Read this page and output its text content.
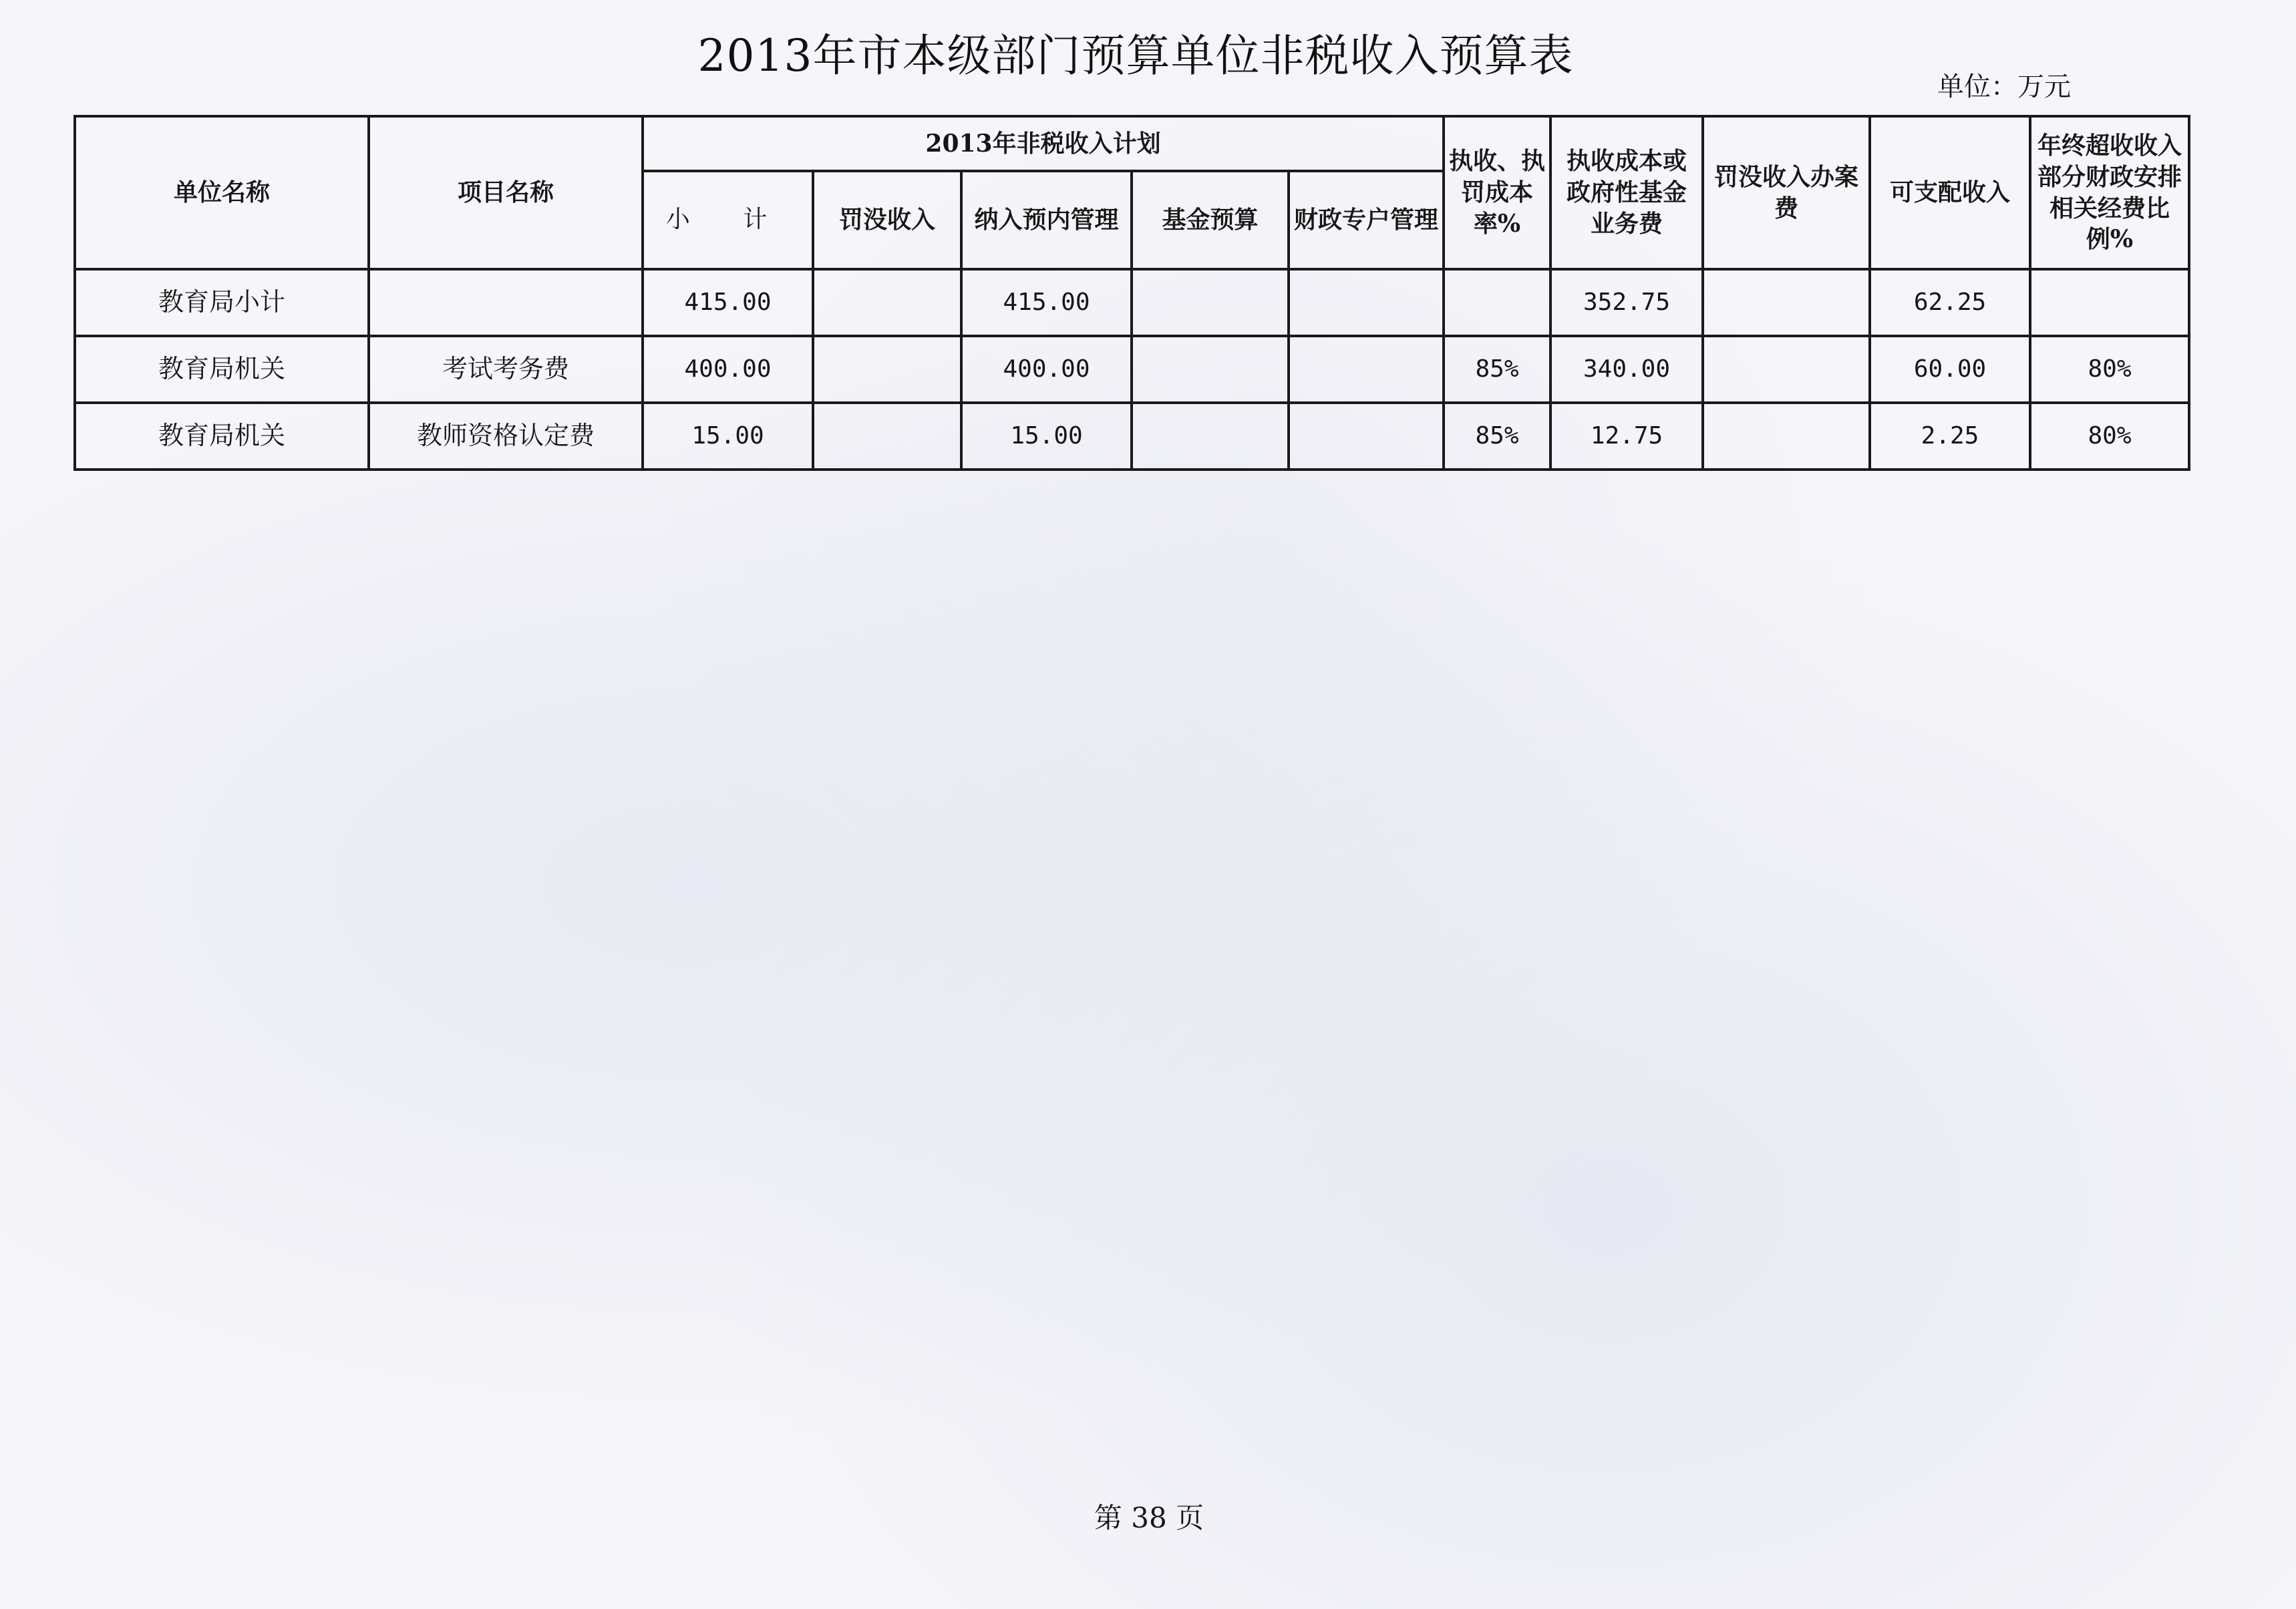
2013年市本级部门预算单位非税收入预算表
单位：万元
单位名称	项目名称	2013年非税收入计划					执收、执罚成本率%	执收成本或政府性基金业务费	罚没收入办案费	可支配收入	年终超收收入部分财政安排相关经费比例%
		小 计	罚没收入	纳入预内管理	基金预算	财政专户管理					
教育局小计		415.00		415.00				352.75		62.25	
教育局机关	考试考务费	400.00		400.00			85%	340.00		60.00	80%
教育局机关	教师资格认定费	15.00		15.00			85%	12.75		2.25	80%
第 38 页
